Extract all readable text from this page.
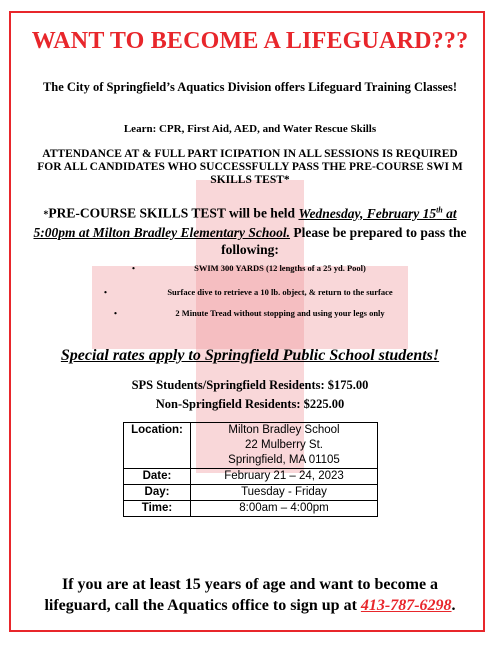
WANT TO BECOME A LIFEGUARD???
The City of Springfield’s Aquatics Division offers Lifeguard Training Classes!
Learn: CPR, First Aid, AED, and Water Rescue Skills
ATTENDANCE AT & FULL PART ICIPATION IN ALL SESSIONS IS REQUIRED
FOR ALL CANDIDATES WHO SUCCESSFULLY PASS THE PRE-COURSE SWI M
SKILLS TEST*
*PRE-COURSE SKILLS TEST will be held Wednesday, February 15th at
5:00pm at Milton Bradley Elementary School. Please be prepared to pass the
following:
•	SWIM 300 YARDS (12 lengths of a 25 yd. Pool)
•	Surface dive to retrieve a 10 lb. object, & return to the surface
•	2 Minute Tread without stopping and using your legs only
Special rates apply to Springfield Public School students!
SPS Students/Springfield Residents: $175.00
Non-Springfield Residents: $225.00
Location:	Milton Bradley School
	22 Mulberry St.
	Springfield, MA 01105
Date:	February 21 – 24, 2023
Day:	Tuesday - Friday
Time:	8:00am – 4:00pm
If you are at least 15 years of age and want to become a
lifeguard, call the Aquatics office to sign up at 413-787-6298.
